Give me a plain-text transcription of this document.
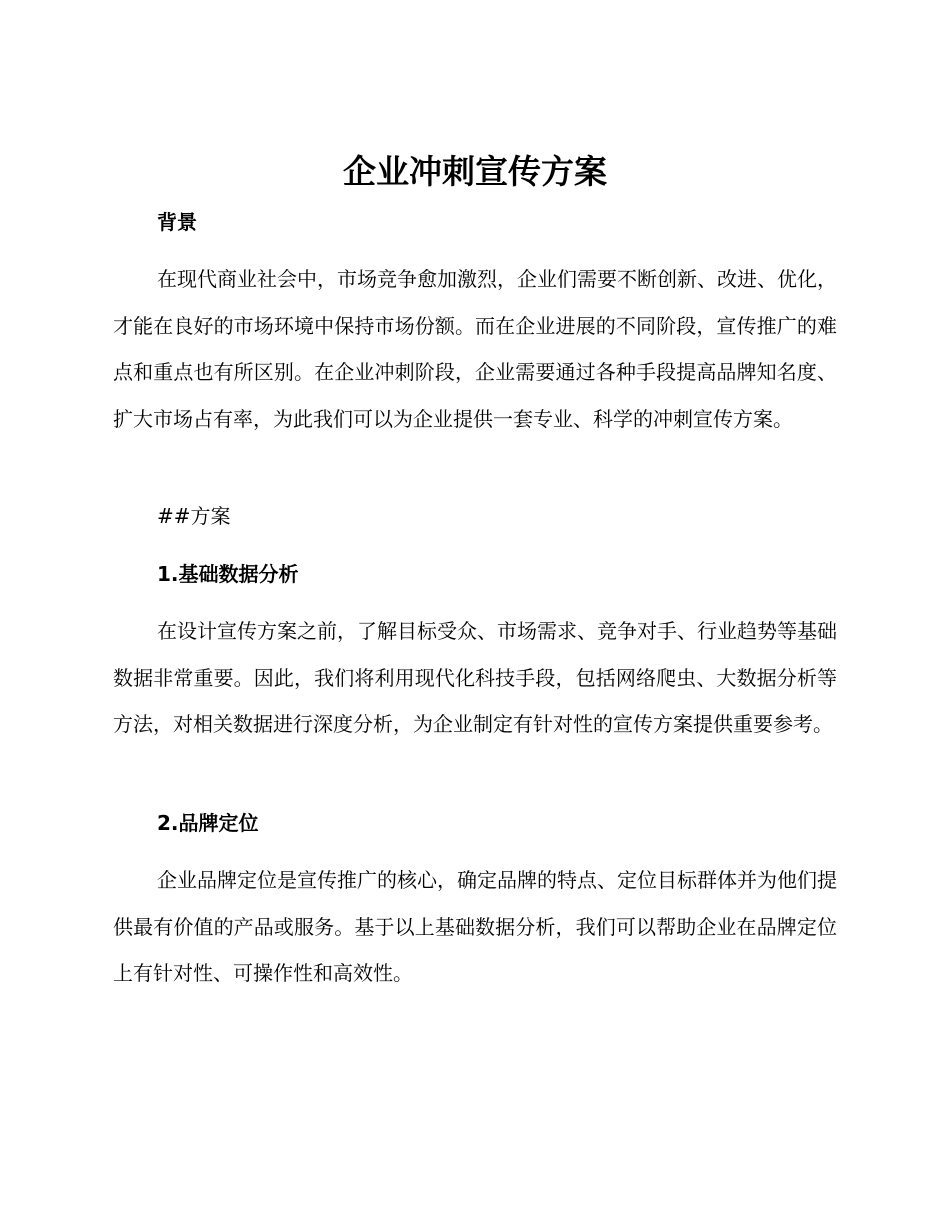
企业冲刺宣传方案
背景

在现代商业社会中，市场竞争愈加激烈，企业们需要不断创新、改进、优化，才能在良好的市场环境中保持市场份额。而在企业进展的不同阶段，宣传推广的难点和重点也有所区别。在企业冲刺阶段，企业需要通过各种手段提高品牌知名度、扩大市场占有率，为此我们可以为企业提供一套专业、科学的冲刺宣传方案。

##方案
1.基础数据分析

在设计宣传方案之前，了解目标受众、市场需求、竞争对手、行业趋势等基础数据非常重要。因此，我们将利用现代化科技手段，包括网络爬虫、大数据分析等方法，对相关数据进行深度分析，为企业制定有针对性的宣传方案提供重要参考。

2.品牌定位

企业品牌定位是宣传推广的核心，确定品牌的特点、定位目标群体并为他们提供最有价值的产品或服务。基于以上基础数据分析，我们可以帮助企业在品牌定位上有针对性、可操作性和高效性。
